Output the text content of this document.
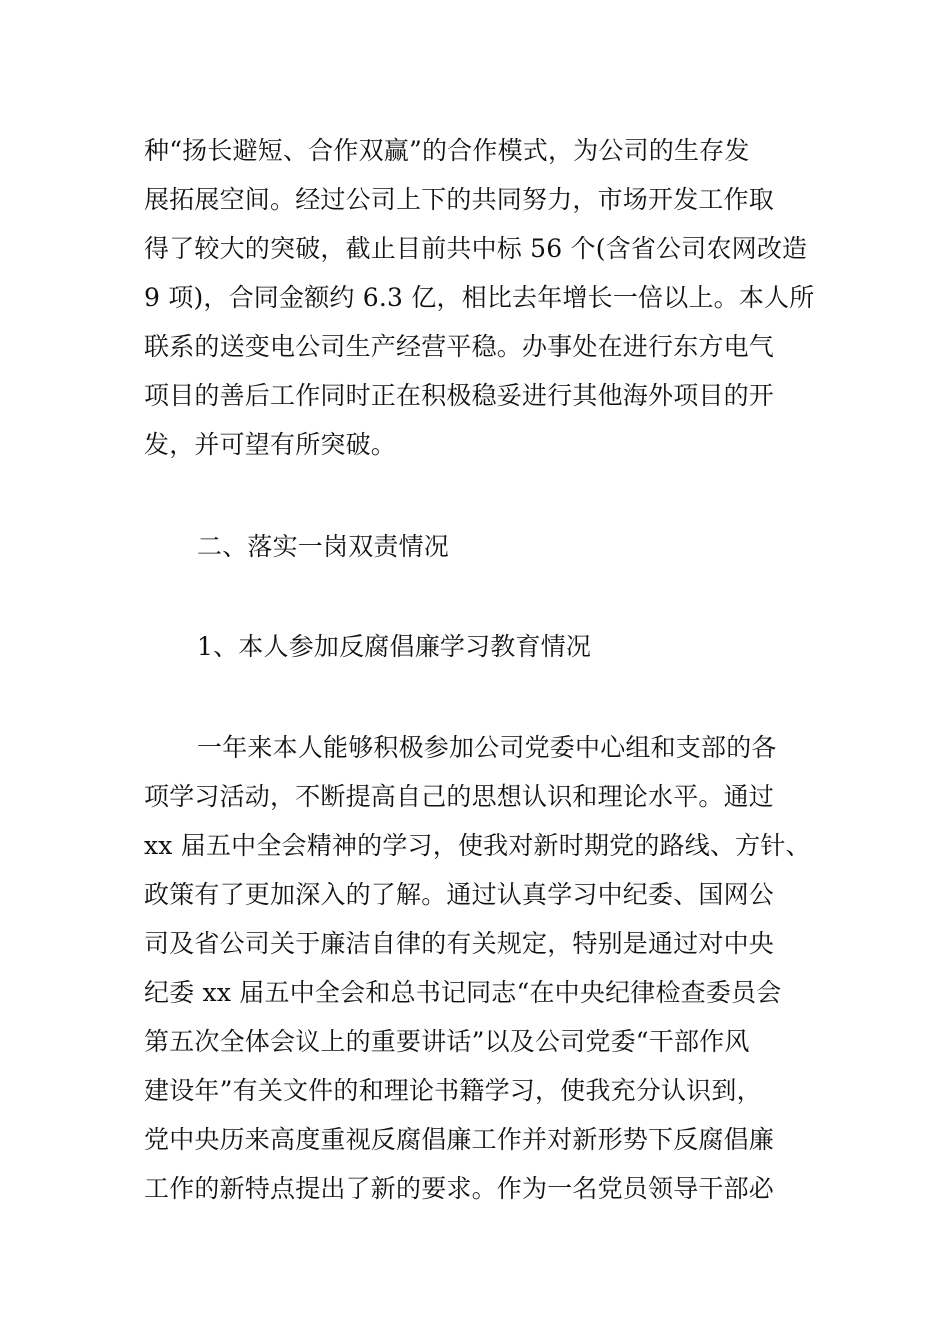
种“扬长避短、合作双赢”的合作模式，为公司的生存发
展拓展空间。经过公司上下的共同努力，市场开发工作取
得了较大的突破，截止目前共中标 56 个(含省公司农网改造
9 项)，合同金额约 6.3 亿，相比去年增长一倍以上。本人所
联系的送变电公司生产经营平稳。办事处在进行东方电气
项目的善后工作同时正在积极稳妥进行其他海外项目的开
发，并可望有所突破。
二、落实一岗双责情况
1、本人参加反腐倡廉学习教育情况
一年来本人能够积极参加公司党委中心组和支部的各
项学习活动，不断提高自己的思想认识和理论水平。通过
xx 届五中全会精神的学习，使我对新时期党的路线、方针、
政策有了更加深入的了解。通过认真学习中纪委、国网公
司及省公司关于廉洁自律的有关规定，特别是通过对中央
纪委 xx 届五中全会和总书记同志“在中央纪律检查委员会
第五次全体会议上的重要讲话”以及公司党委“干部作风
建设年”有关文件的和理论书籍学习，使我充分认识到，
党中央历来高度重视反腐倡廉工作并对新形势下反腐倡廉
工作的新特点提出了新的要求。作为一名党员领导干部必
